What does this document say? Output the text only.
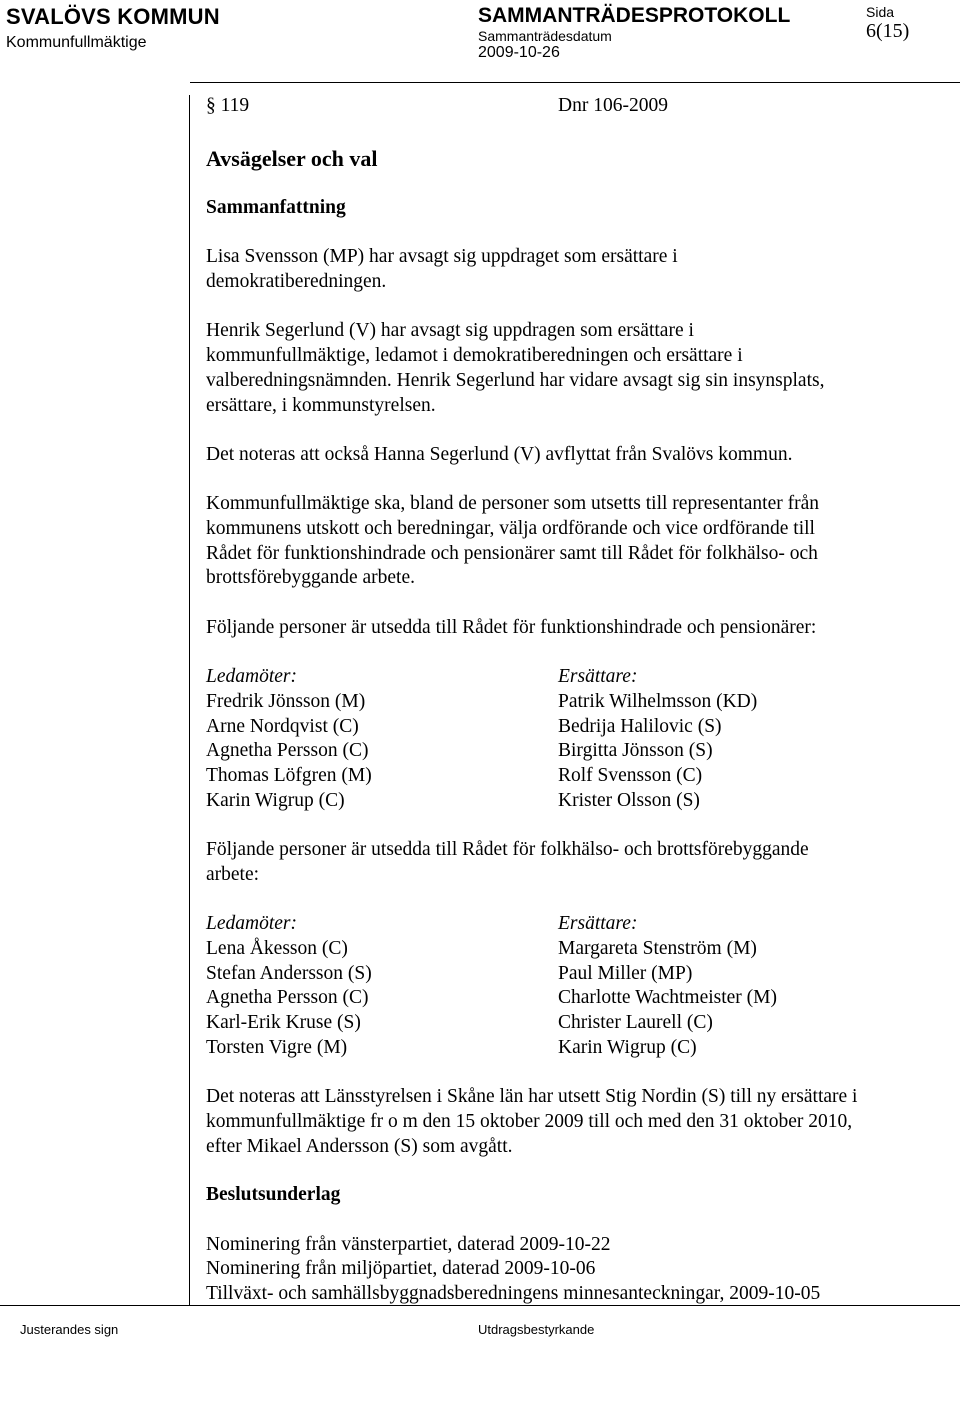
SVALÖVS KOMMUN
Kommunfullmäktige
SAMMANTRÄDESPROTOKOLL
Sammanträdesdatum
2009-10-26
Sida
6(15)
§ 119	Dnr 106-2009

Avsägelser och val

Sammanfattning

Lisa Svensson (MP) har avsagt sig uppdraget som ersättare i

demokratiberedningen.

Henrik Segerlund (V) har avsagt sig uppdragen som ersättare i

kommunfullmäktige, ledamot i demokratiberedningen och ersättare i

valberedningsnämnden. Henrik Segerlund har vidare avsagt sig sin insynsplats,

ersättare, i kommunstyrelsen.

Det noteras att också Hanna Segerlund (V) avflyttat från Svalövs kommun.

Kommunfullmäktige ska, bland de personer som utsetts till representanter från

kommunens utskott och beredningar, välja ordförande och vice ordförande till

Rådet för funktionshindrade och pensionärer samt till Rådet för folkhälso- och

brottsförebyggande arbete.

Följande personer är utsedda till Rådet för funktionshindrade och pensionärer:

Ledamöter:

Fredrik Jönsson (M)

Arne Nordqvist (C)

Agnetha Persson (C)

Thomas Löfgren (M)

Karin Wigrup (C)

Ersättare:

Patrik Wilhelmsson (KD)

Bedrija Halilovic (S)

Birgitta Jönsson (S)

Rolf Svensson (C)

Krister Olsson (S)

Följande personer är utsedda till Rådet för folkhälso- och brottsförebyggande

arbete:

Ledamöter:

Lena Åkesson (C)

Stefan Andersson (S)

Agnetha Persson (C)

Karl-Erik Kruse (S)

Torsten Vigre (M)

Ersättare:

Margareta Stenström (M)

Paul Miller (MP)

Charlotte Wachtmeister (M)

Christer Laurell (C)

Karin Wigrup (C)

Det noteras att Länsstyrelsen i Skåne län har utsett Stig Nordin (S) till ny ersättare i

kommunfullmäktige fr o m den 15 oktober 2009 till och med den 31 oktober 2010,

efter Mikael Andersson (S) som avgått.

Beslutsunderlag

Nominering från vänsterpartiet, daterad 2009-10-22

Nominering från miljöpartiet, daterad 2009-10-06

Tillväxt- och samhällsbyggnadsberedningens minnesanteckningar, 2009-10-05

Justerandes sign	Utdragsbestyrkande
